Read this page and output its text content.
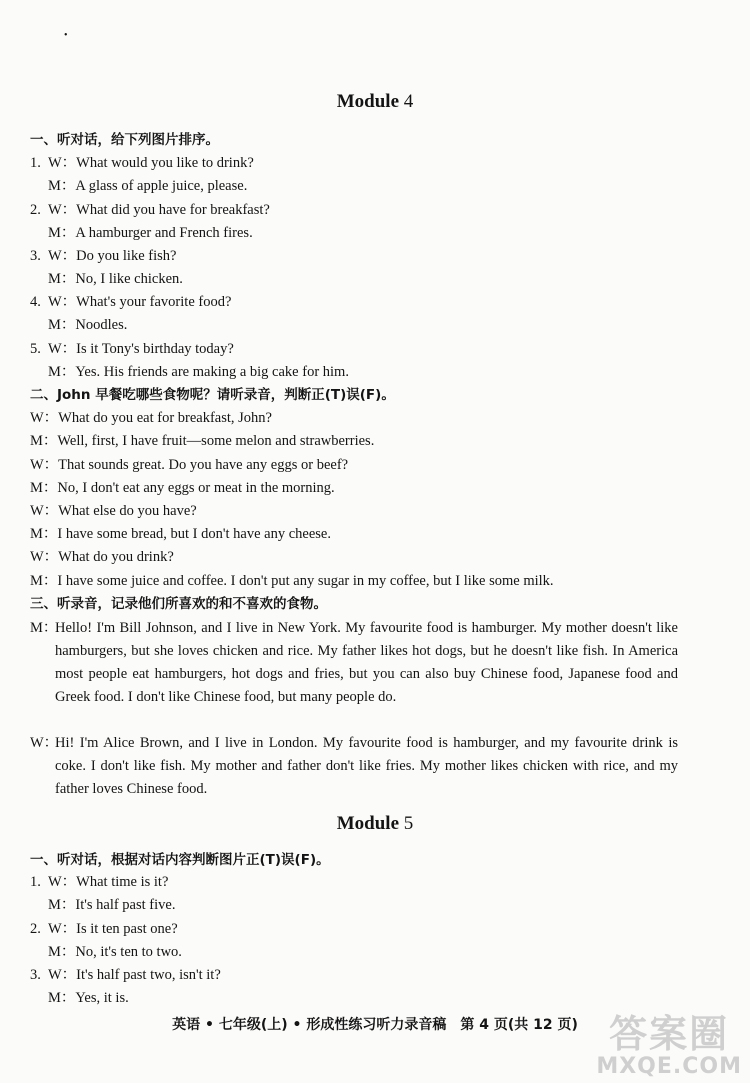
•
Module 4
一、听对话，给下列图片排序。
1. W：What would you like to drink?
M：A glass of apple juice, please.
2. W：What did you have for breakfast?
M：A hamburger and French fires.
3. W：Do you like fish?
M：No, I like chicken.
4. W：What's your favorite food?
M：Noodles.
5. W：Is it Tony's birthday today?
M：Yes. His friends are making a big cake for him.
二、John 早餐吃哪些食物呢？请听录音，判断正(T)误(F)。
W：What do you eat for breakfast, John?
M：Well, first, I have fruit—some melon and strawberries.
W：That sounds great. Do you have any eggs or beef?
M：No, I don't eat any eggs or meat in the morning.
W：What else do you have?
M：I have some bread, but I don't have any cheese.
W：What do you drink?
M：I have some juice and coffee. I don't put any sugar in my coffee, but I like some milk.
三、听录音，记录他们所喜欢的和不喜欢的食物。
M：
Hello! I'm Bill Johnson, and I live in New York. My favourite food is hamburger. My mother doesn't like hamburgers, but she loves chicken and rice. My father likes hot dogs, but he doesn't like fish. In America most people eat hamburgers, hot dogs and fries, but you can also buy Chinese food, Japanese food and Greek food. I don't like Chinese food, but many people do.
W：
Hi! I'm Alice Brown, and I live in London. My favourite food is hamburger, and my favourite drink is coke. I don't like fish. My mother and father don't like fries. My mother likes chicken with rice, and my father loves Chinese food.
Module 5
一、听对话，根据对话内容判断图片正(T)误(F)。
1. W：What time is it?
M：It's half past five.
2. W：Is it ten past one?
M：No, it's ten to two.
3. W：It's half past two, isn't it?
M：Yes, it is.
英语 • 七年级(上) • 形成性练习听力录音稿　第 4 页(共 12 页) 答案圈
MXQE.COM
